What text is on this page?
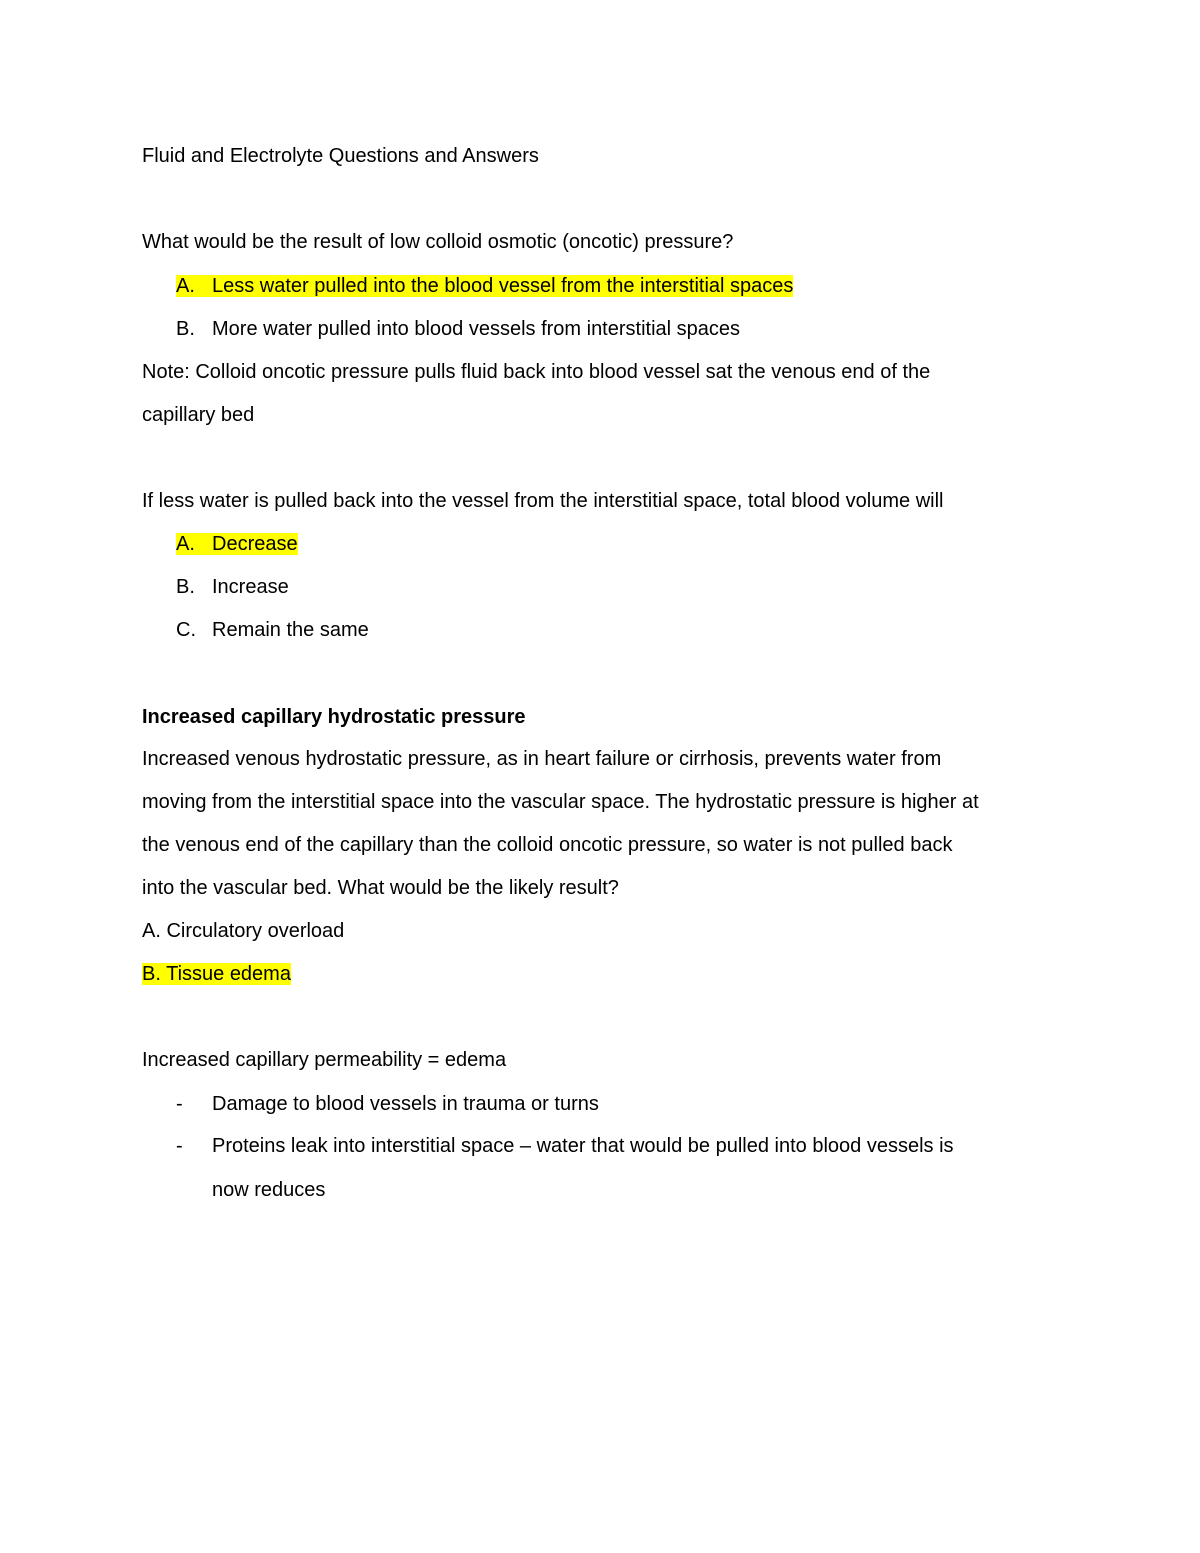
Fluid and Electrolyte Questions and Answers
What would be the result of low colloid osmotic (oncotic) pressure?
A. Less water pulled into the blood vessel from the interstitial spaces
B. More water pulled into blood vessels from interstitial spaces
Note: Colloid oncotic pressure pulls fluid back into blood vessel sat the venous end of the
capillary bed
If less water is pulled back into the vessel from the interstitial space, total blood volume will
A. Decrease
B. Increase
C. Remain the same
Increased capillary hydrostatic pressure
Increased venous hydrostatic pressure, as in heart failure or cirrhosis, prevents water from
moving from the interstitial space into the vascular space. The hydrostatic pressure is higher at
the venous end of the capillary than the colloid oncotic pressure, so water is not pulled back
into the vascular bed. What would be the likely result?
A. Circulatory overload
B. Tissue edema
Increased capillary permeability = edema
- Damage to blood vessels in trauma or turns
- Proteins leak into interstitial space – water that would be pulled into blood vessels is
now reduces
